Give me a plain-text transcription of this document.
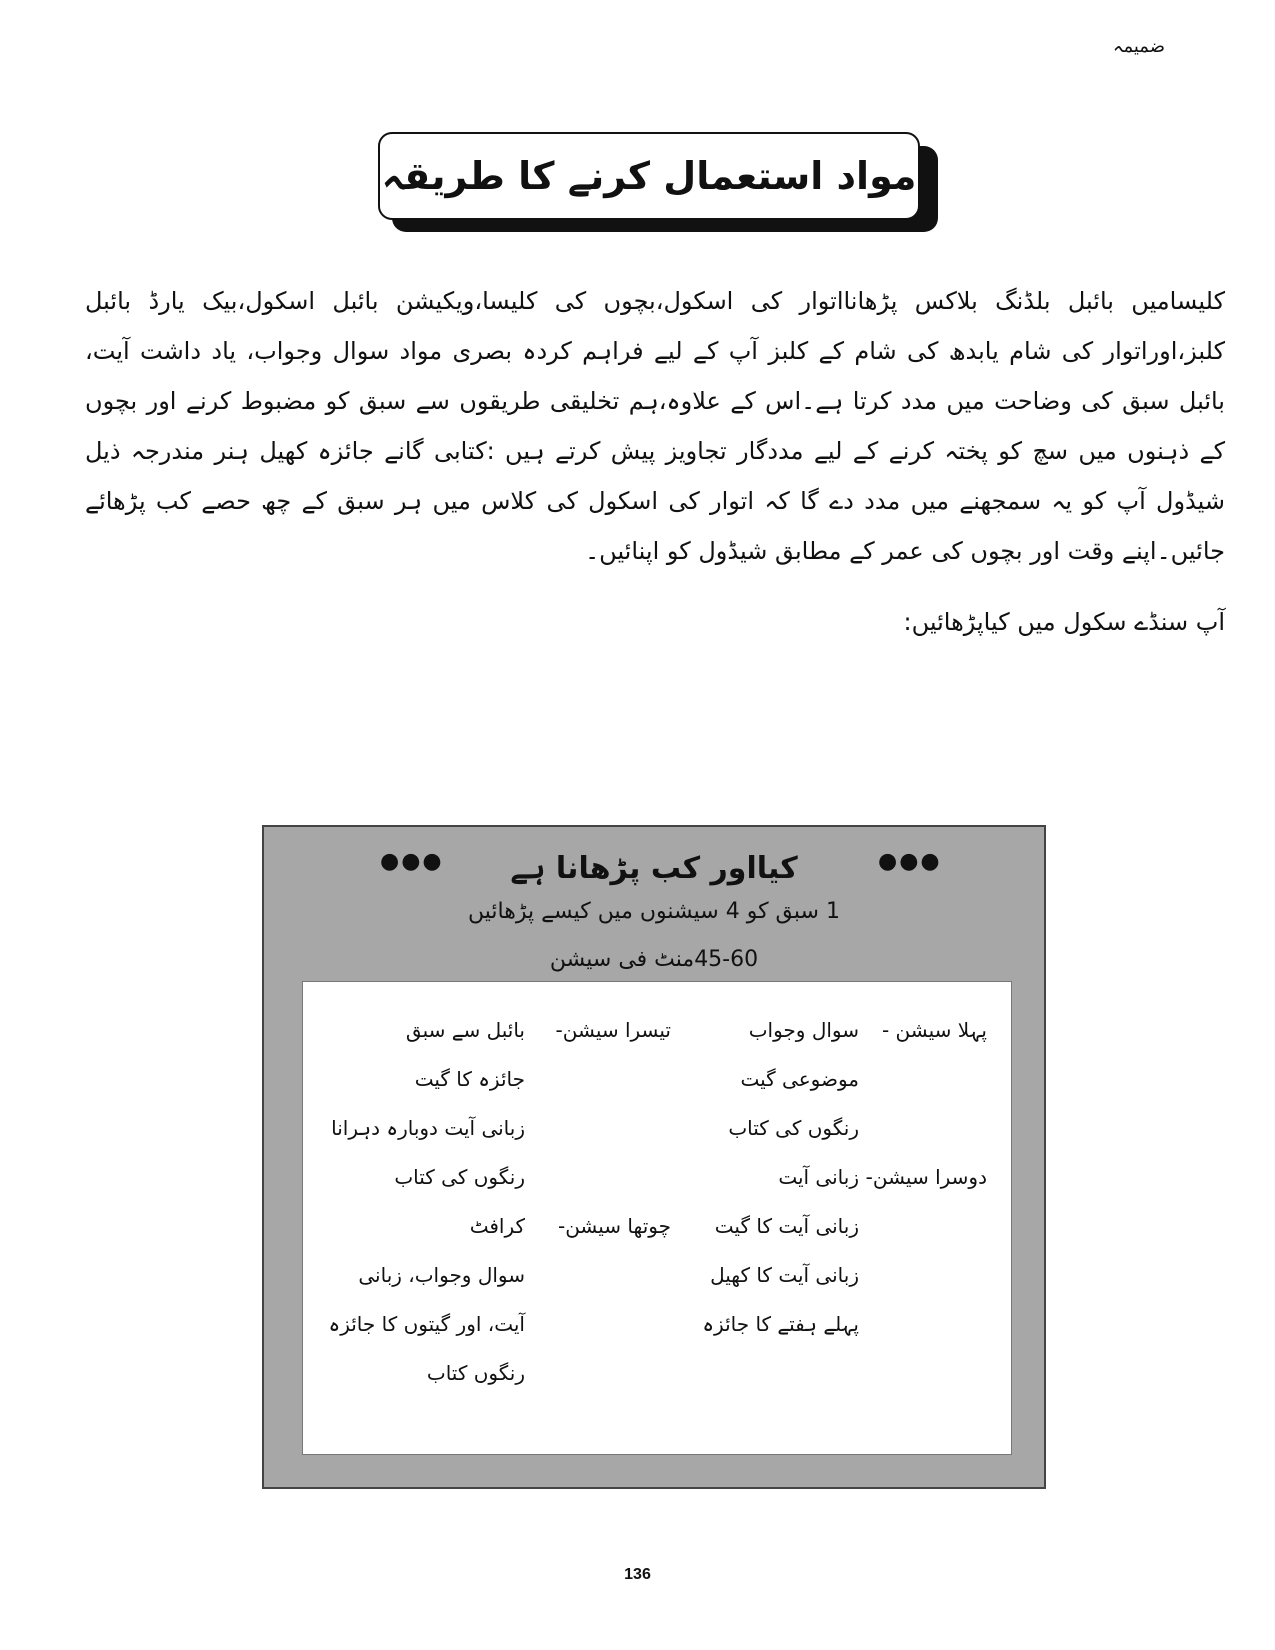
ضمیمہ
مواد استعمال کرنے کا طریقہ

کلیسامیں بائبل بلڈنگ بلاکس پڑھانااتوار کی اسکول،بچوں کی کلیسا،ویکیشن بائبل اسکول،بیک یارڈ بائبل کلبز،اوراتوار کی شام یابدھ کی شام کے کلبز آپ کے لیے فراہم کردہ بصری مواد سوال وجواب، یاد داشت آیت، بائبل سبق کی وضاحت میں مدد کرتا ہے۔اس کے علاوہ،ہم تخلیقی طریقوں سے سبق کو مضبوط کرنے اور بچوں کے ذہنوں میں سچ کو پختہ کرنے کے لیے مددگار تجاویز پیش کرتے ہیں :کتابی گانے جائزہ کھیل ہنر مندرجہ ذیل شیڈول آپ کو یہ سمجھنے میں مدد دے گا کہ اتوار کی اسکول کی کلاس میں ہر سبق کے چھ حصے کب پڑھائے جائیں۔اپنے وقت اور بچوں کی عمر کے مطابق شیڈول کو اپنائیں۔

آپ سنڈے سکول میں کیاپڑھائیں:
●●●	●●●
کیااور کب پڑھانا ہے
1 سبق کو 4 سیشنوں میں کیسے پڑھائیں
45-60منٹ فی سیشن
پہلا سیشن -
سوال وجواب
موضوعی گیت
رنگوں کی کتاب
دوسرا سیشن-
زبانی آیت
زبانی آیت کا گیت
زبانی آیت کا کھیل
پہلے ہفتے کا جائزہ
تیسرا سیشن-
بائبل سے سبق
جائزہ کا گیت
زبانی آیت دوبارہ دہرانا
رنگوں کی کتاب
چوتھا سیشن-
کرافٹ
سوال وجواب، زبانی
آیت، اور گیتوں کا جائزہ
رنگوں کتاب
136
